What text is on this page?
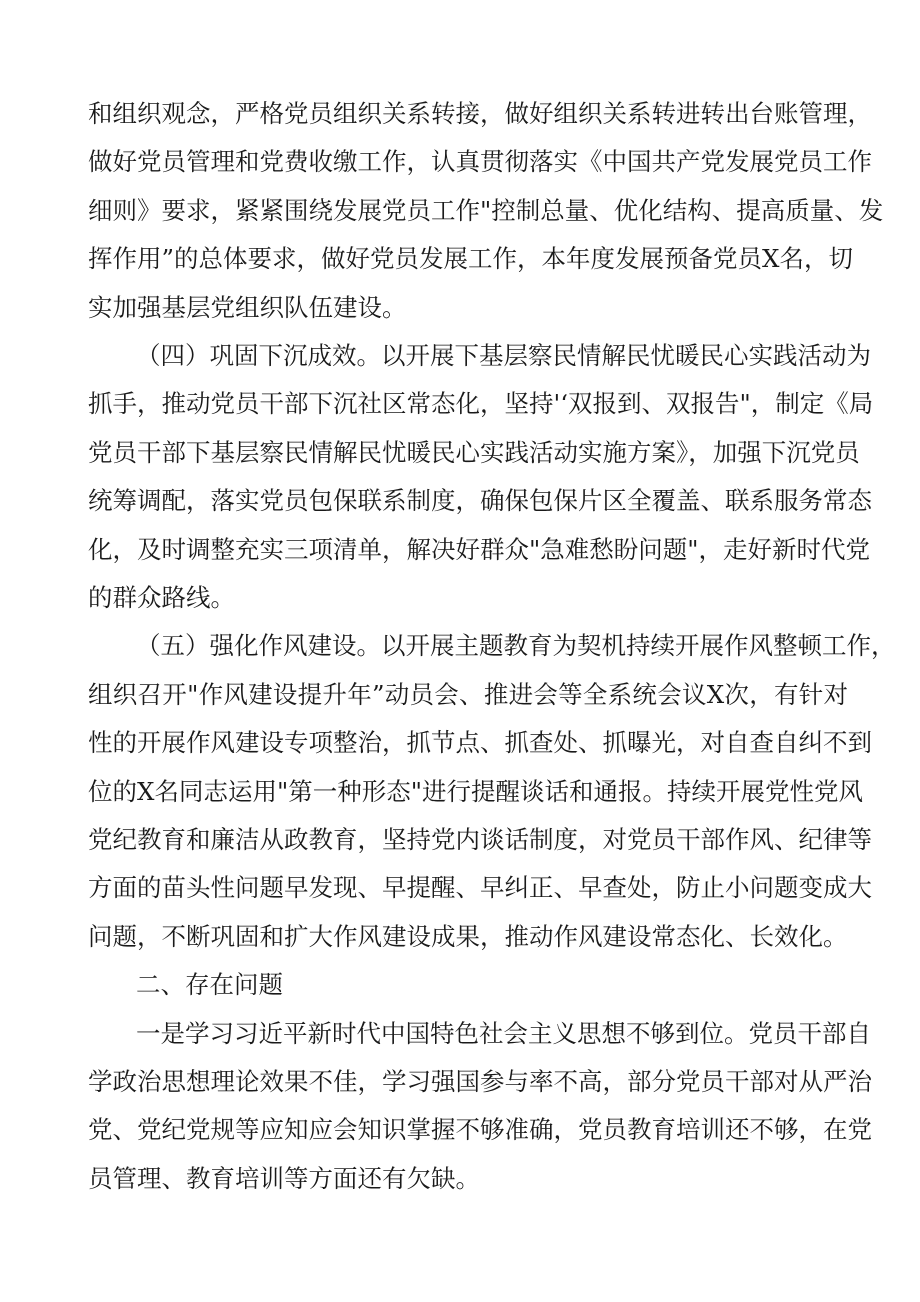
和组织观念，严格党员组织关系转接，做好组织关系转进转出台账管理，
做好党员管理和党费收缴工作，认真贯彻落实《中国共产党发展党员工作
细则》要求，紧紧围绕发展党员工作"控制总量、优化结构、提高质量、发
挥作用”的总体要求，做好党员发展工作，本年度发展预备党员X名，切
实加强基层党组织队伍建设。
（四）巩固下沉成效。以开展下基层察民情解民忧暖民心实践活动为
抓手，推动党员干部下沉社区常态化，坚持'‘双报到、双报告"，制定《局
党员干部下基层察民情解民忧暖民心实践活动实施方案》，加强下沉党员
统筹调配，落实党员包保联系制度，确保包保片区全覆盖、联系服务常态
化，及时调整充实三项清单，解决好群众"急难愁盼问题"，走好新时代党
的群众路线。
（五）强化作风建设。以开展主题教育为契机持续开展作风整顿工作，
组织召开"作风建设提升年”动员会、推进会等全系统会议X次，有针对
性的开展作风建设专项整治，抓节点、抓查处、抓曝光，对自查自纠不到
位的X名同志运用"第一种形态"进行提醒谈话和通报。持续开展党性党风
党纪教育和廉洁从政教育，坚持党内谈话制度，对党员干部作风、纪律等
方面的苗头性问题早发现、早提醒、早纠正、早查处，防止小问题变成大
问题，不断巩固和扩大作风建设成果，推动作风建设常态化、长效化。
二、存在问题
一是学习习近平新时代中国特色社会主义思想不够到位。党员干部自
学政治思想理论效果不佳，学习强国参与率不高，部分党员干部对从严治
党、党纪党规等应知应会知识掌握不够准确，党员教育培训还不够，在党
员管理、教育培训等方面还有欠缺。
